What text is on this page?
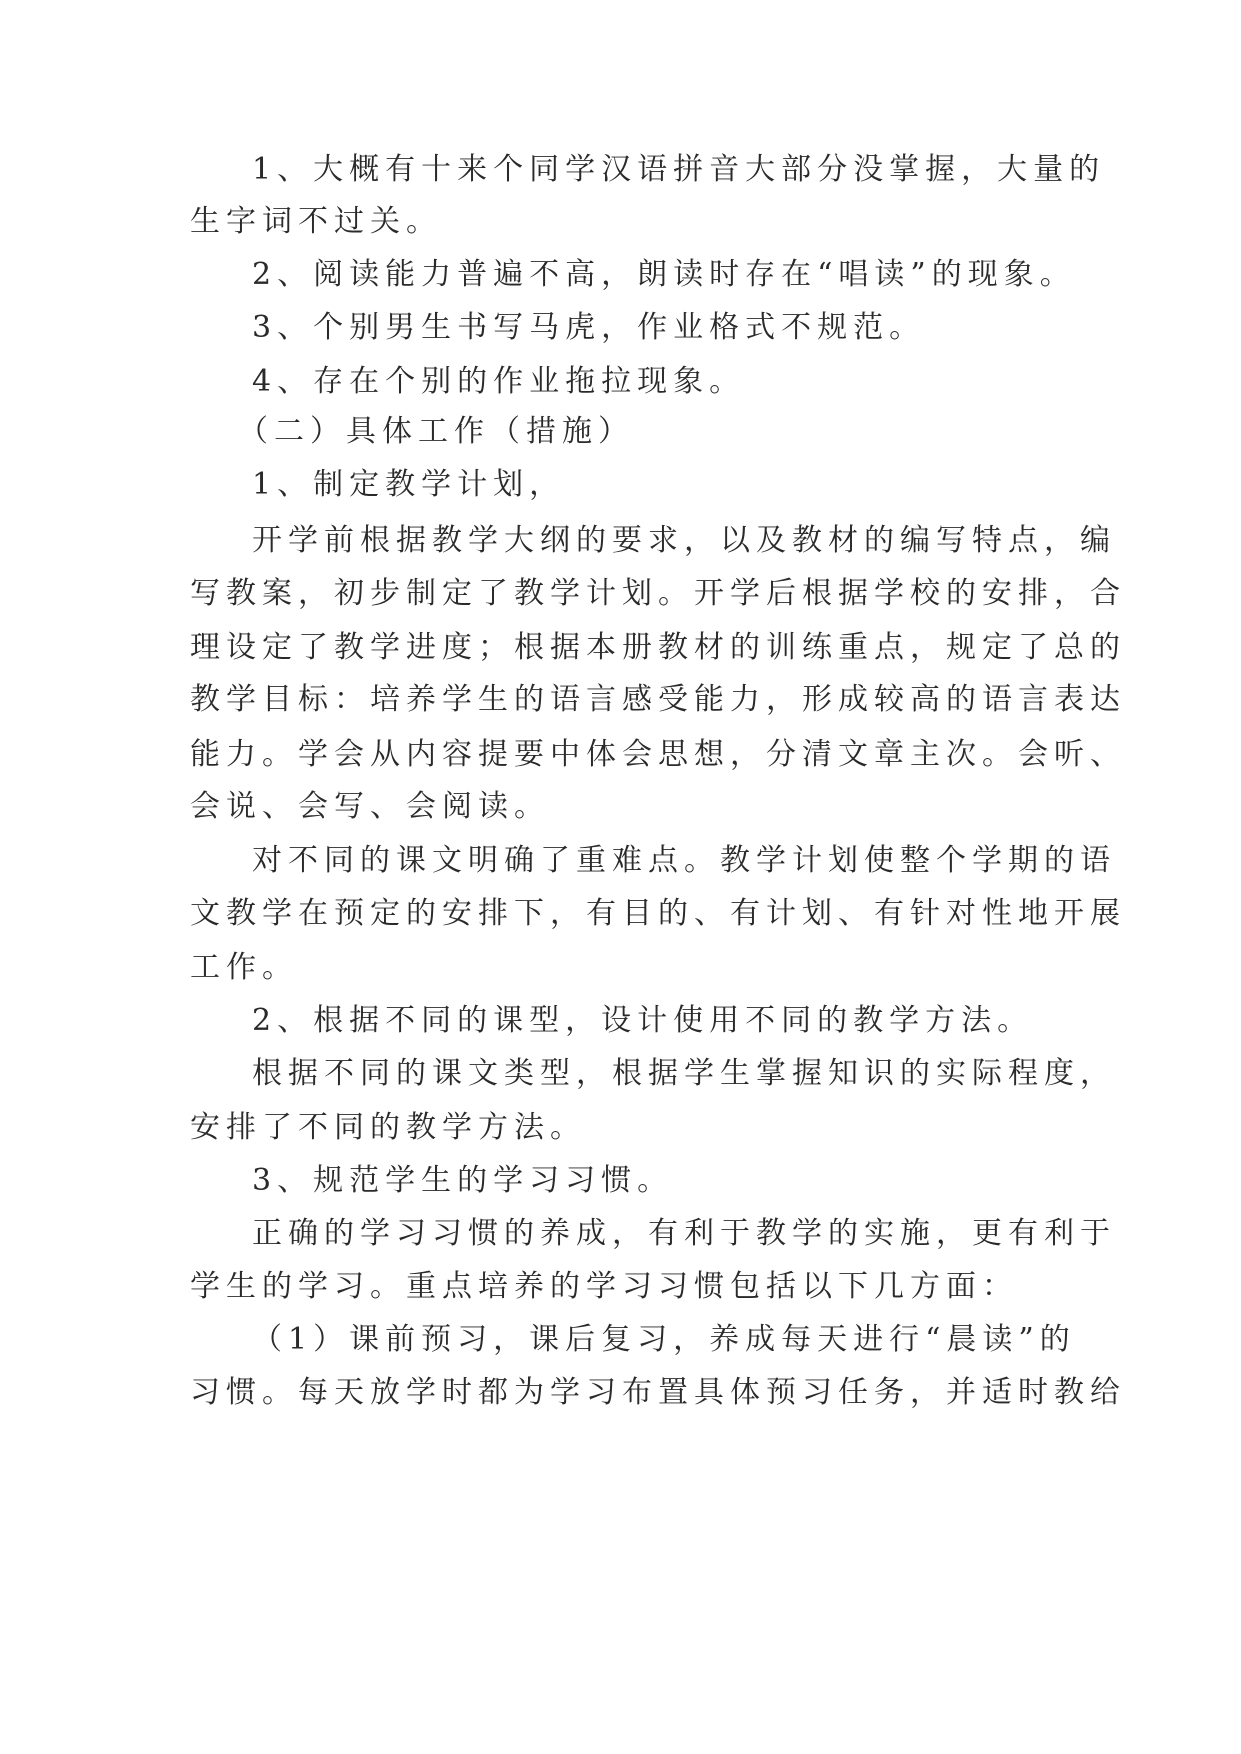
1、大概有十来个同学汉语拼音大部分没掌握，大量的
生字词不过关。
2、阅读能力普遍不高，朗读时存在“唱读”的现象。
3、个别男生书写马虎，作业格式不规范。
4、存在个别的作业拖拉现象。
（二）具体工作（措施）
1、制定教学计划，
开学前根据教学大纲的要求，以及教材的编写特点，编
写教案，初步制定了教学计划。开学后根据学校的安排，合
理设定了教学进度；根据本册教材的训练重点，规定了总的
教学目标：培养学生的语言感受能力，形成较高的语言表达
能力。学会从内容提要中体会思想，分清文章主次。会听、
会说、会写、会阅读。
对不同的课文明确了重难点。教学计划使整个学期的语
文教学在预定的安排下，有目的、有计划、有针对性地开展
工作。
2、根据不同的课型，设计使用不同的教学方法。
根据不同的课文类型，根据学生掌握知识的实际程度，
安排了不同的教学方法。
3、规范学生的学习习惯。
正确的学习习惯的养成，有利于教学的实施，更有利于
学生的学习。重点培养的学习习惯包括以下几方面：
（1）课前预习，课后复习，养成每天进行“晨读”的
习惯。每天放学时都为学习布置具体预习任务，并适时教给
